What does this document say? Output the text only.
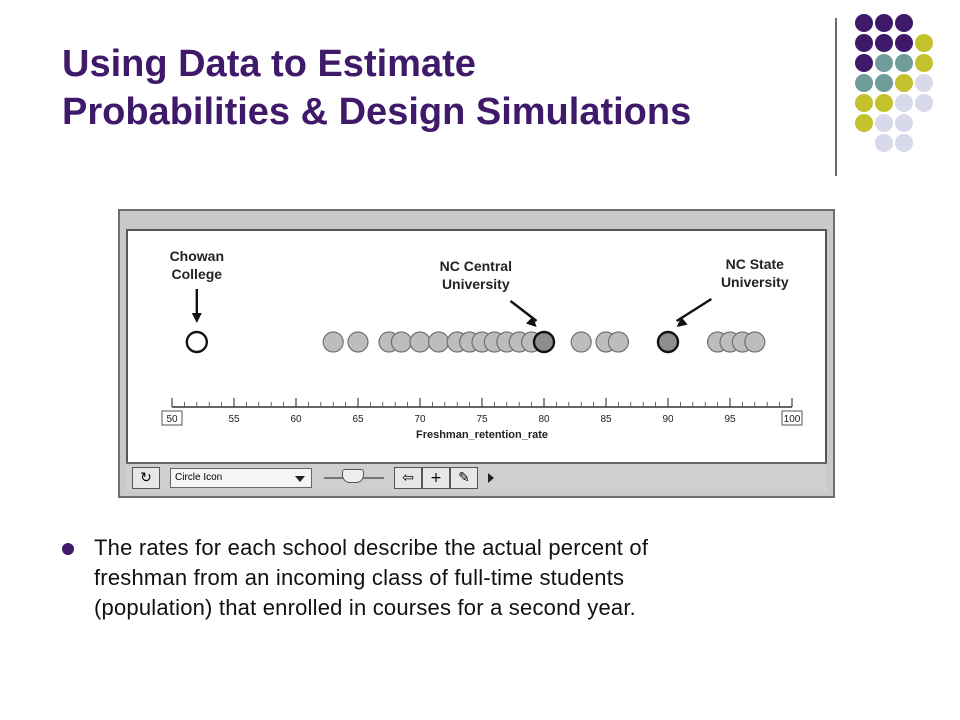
Using Data to Estimate
Probabilities & Design Simulations
50	55	60	65	70	75	80	85	90	95	100
Freshman_retention_rate
Chowan
College	NC Central
University
NC State
University
↻	Circle Icon	⇦	+	✎
The rates for each school describe the actual percent of
freshman from an incoming class of full-time students
(population) that enrolled in courses for a second year.
